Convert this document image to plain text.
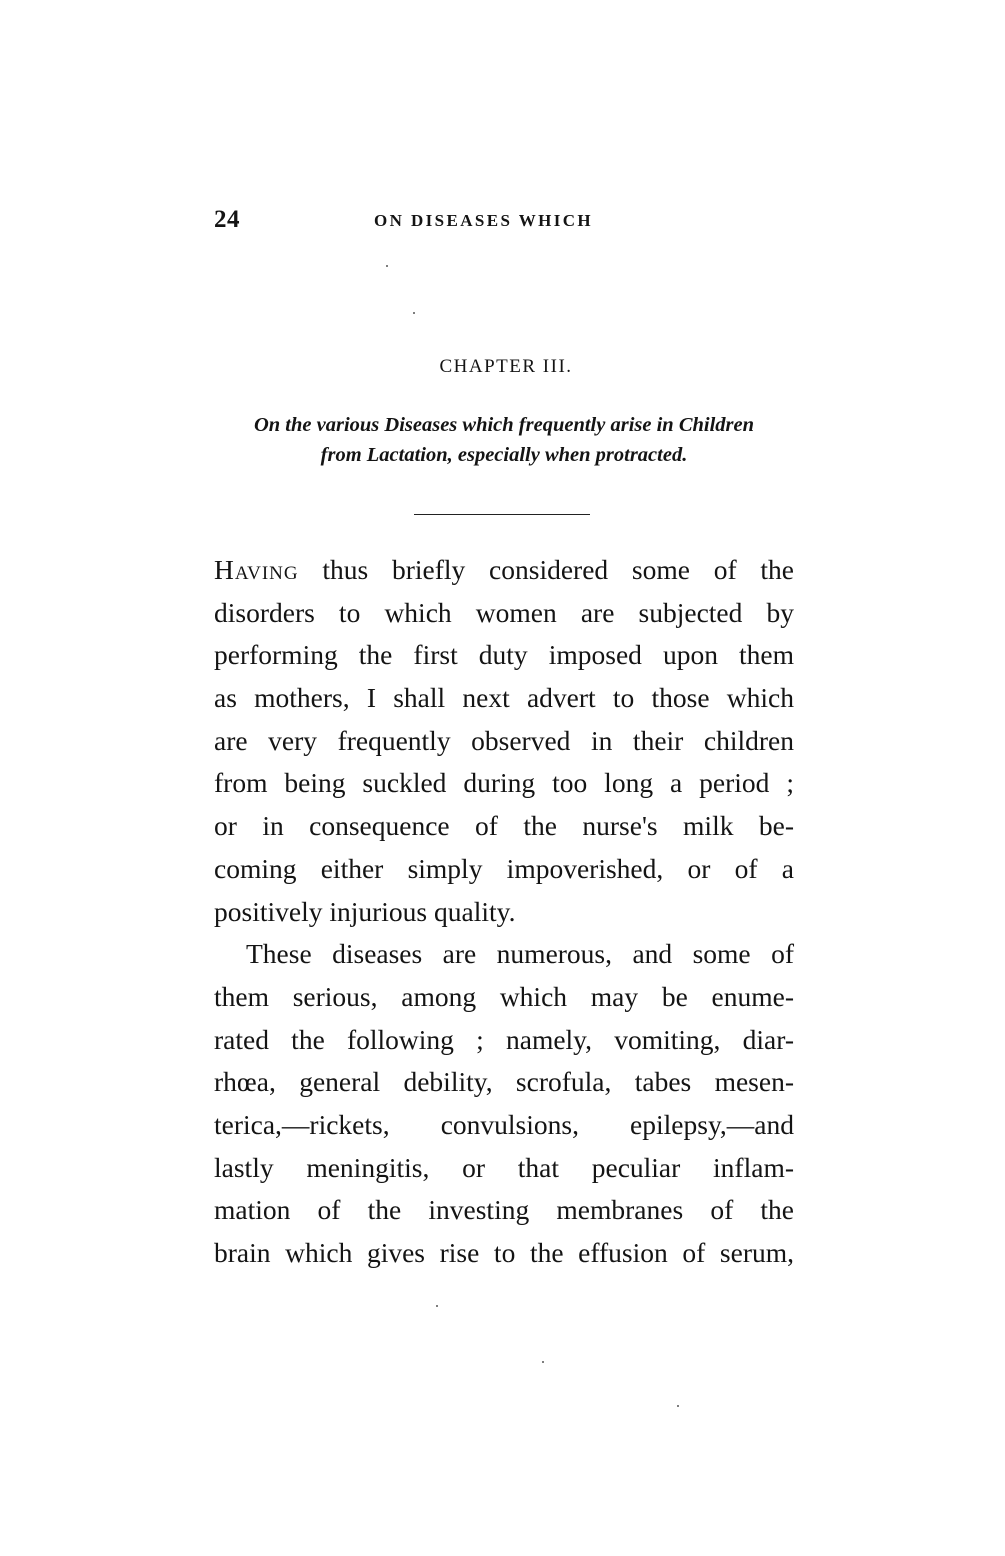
24	ON DISEASES WHICH
CHAPTER III.
On the various Diseases which frequently arise in Children
from Lactation, especially when protracted.
Having thus briefly considered some of the
disorders to which women are subjected by
performing the first duty imposed upon them
as mothers, I shall next advert to those which
are very frequently observed in their children
from being suckled during too long a period ;
or in consequence of the nurse's milk be-
coming either simply impoverished, or of a
positively injurious quality.
These diseases are numerous, and some of
them serious, among which may be enume-
rated the following ; namely, vomiting, diar-
rhœa, general debility, scrofula, tabes mesen-
terica,—rickets, convulsions, epilepsy,—and
lastly meningitis, or that peculiar inflam-
mation of the investing membranes of the
brain which gives rise to the effusion of serum,
